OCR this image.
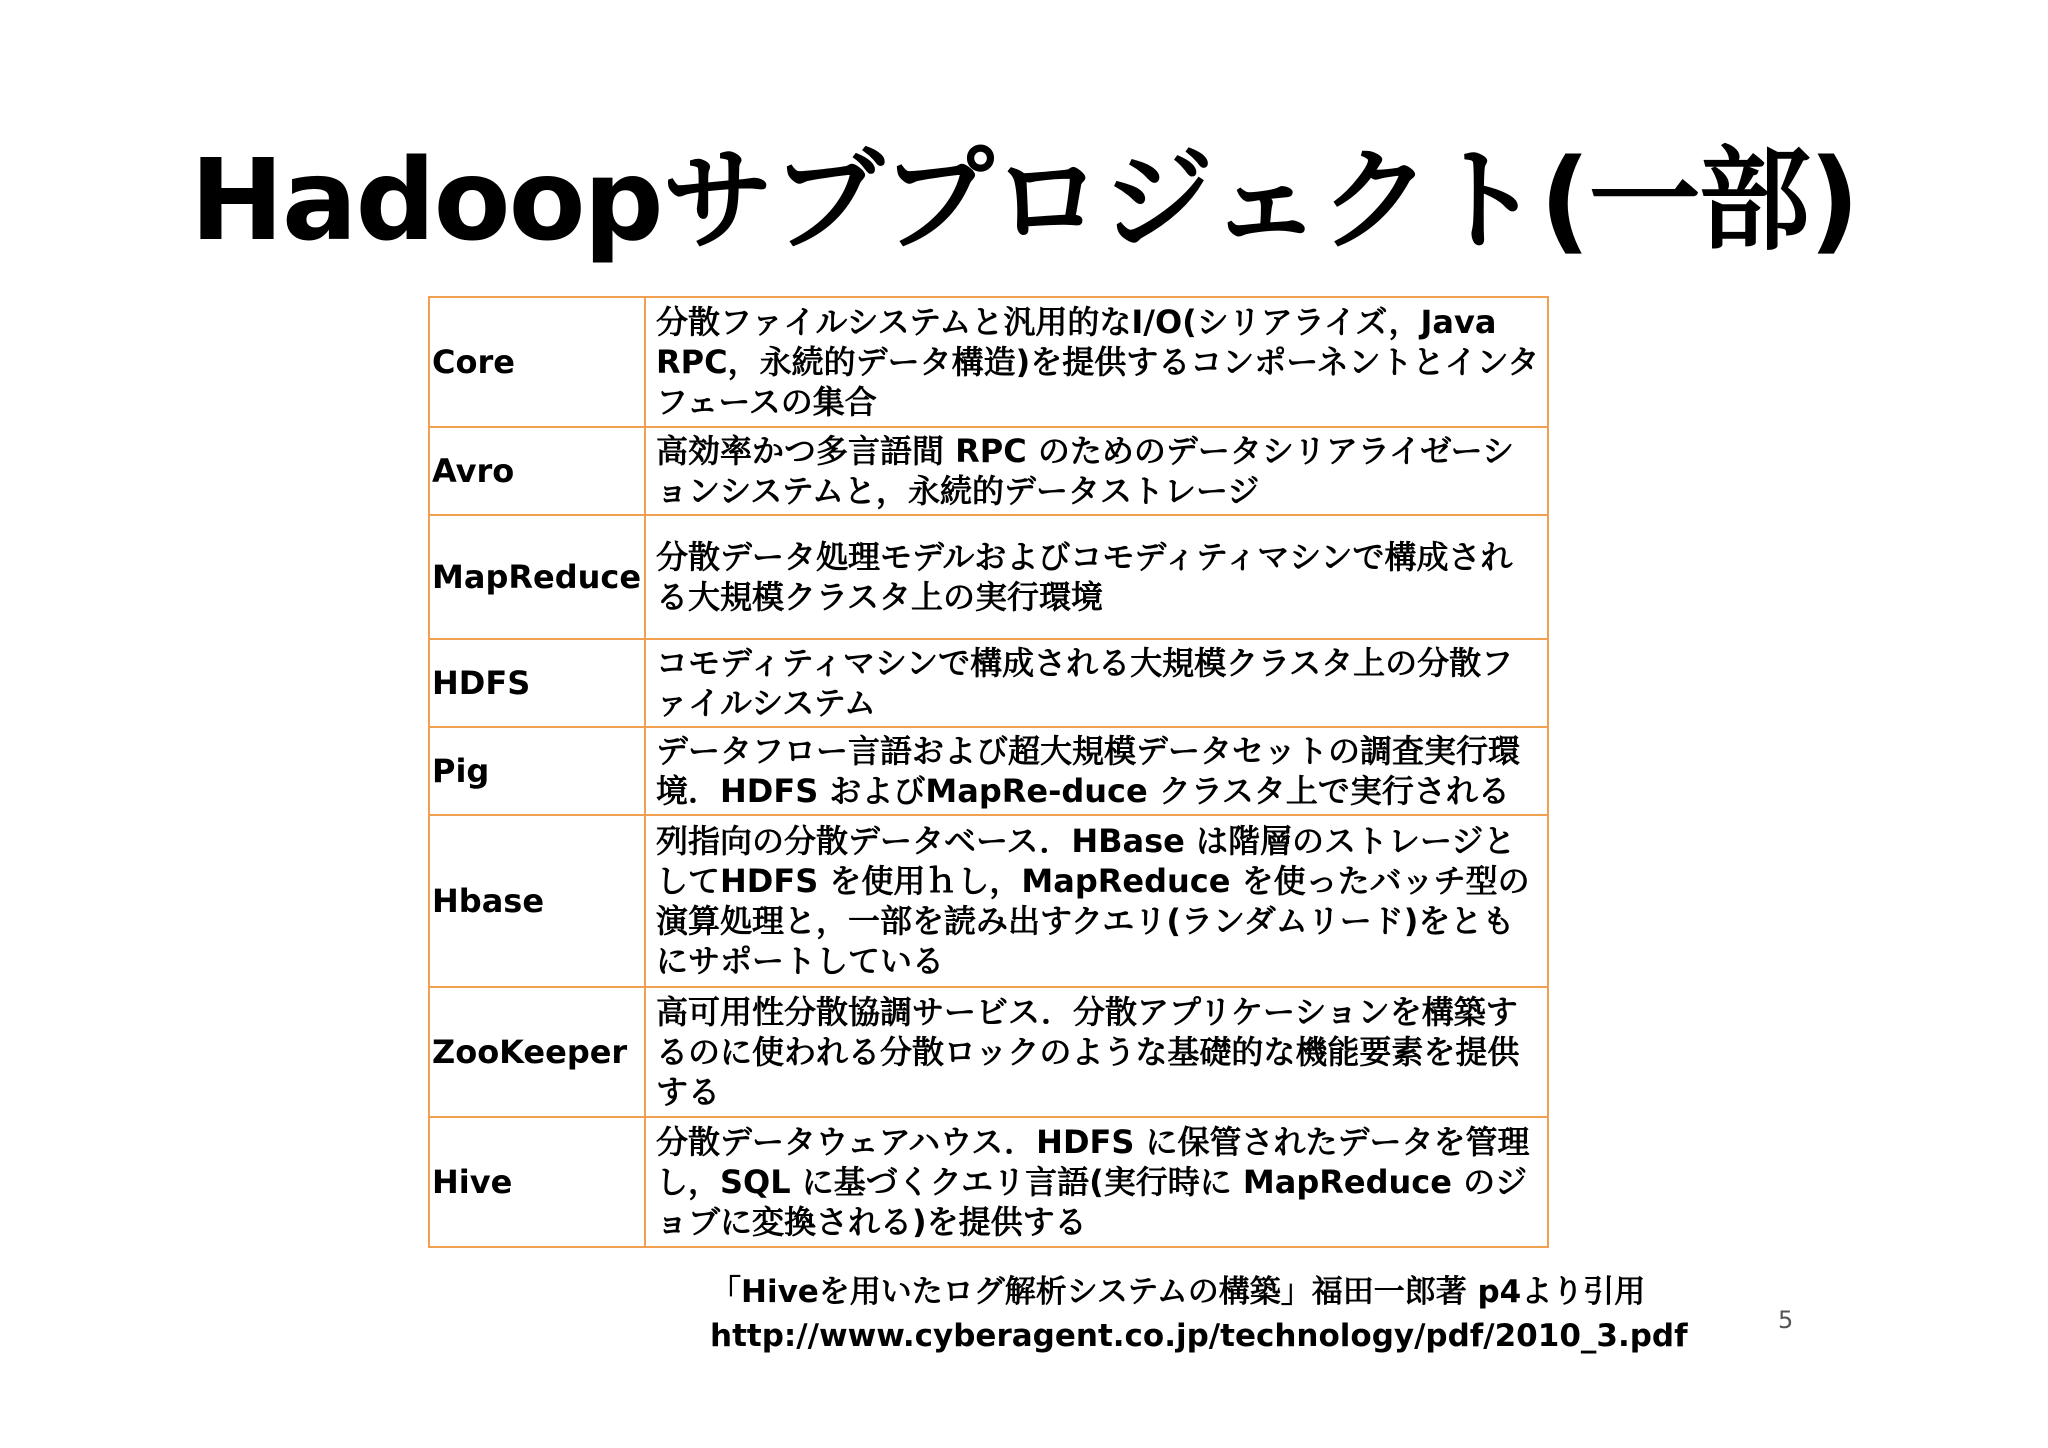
Hadoopサブプロジェクト(一部)
Core	分散ファイルシステムと汎用的なI/O(シリアライズ，Java RPC，永続的データ構造)を提供するコンポーネントとインタフェースの集合
Avro	高効率かつ多言語間 RPC のためのデータシリアライゼーションシステムと，永続的データストレージ
MapReduce	分散データ処理モデルおよびコモディティマシンで構成される大規模クラスタ上の実行環境
HDFS	コモディティマシンで構成される大規模クラスタ上の分散ファイルシステム
Pig	データフロー言語および超大規模データセットの調査実行環境．HDFS およびMapRe-duce クラスタ上で実行される
Hbase	列指向の分散データベース．HBase は階層のストレージとしてHDFS を使用ｈし，MapReduce を使ったバッチ型の演算処理と，一部を読み出すクエリ(ランダムリード)をともにサポートしている
ZooKeeper	高可用性分散協調サービス．分散アプリケーションを構築するのに使われる分散ロックのような基礎的な機能要素を提供する
Hive	分散データウェアハウス．HDFS に保管されたデータを管理し，SQL に基づくクエリ言語(実行時に MapReduce のジョブに変換される)を提供する
「Hiveを用いたログ解析システムの構築」福田一郎著 p4より引用
http://www.cyberagent.co.jp/technology/pdf/2010_3.pdf	5
